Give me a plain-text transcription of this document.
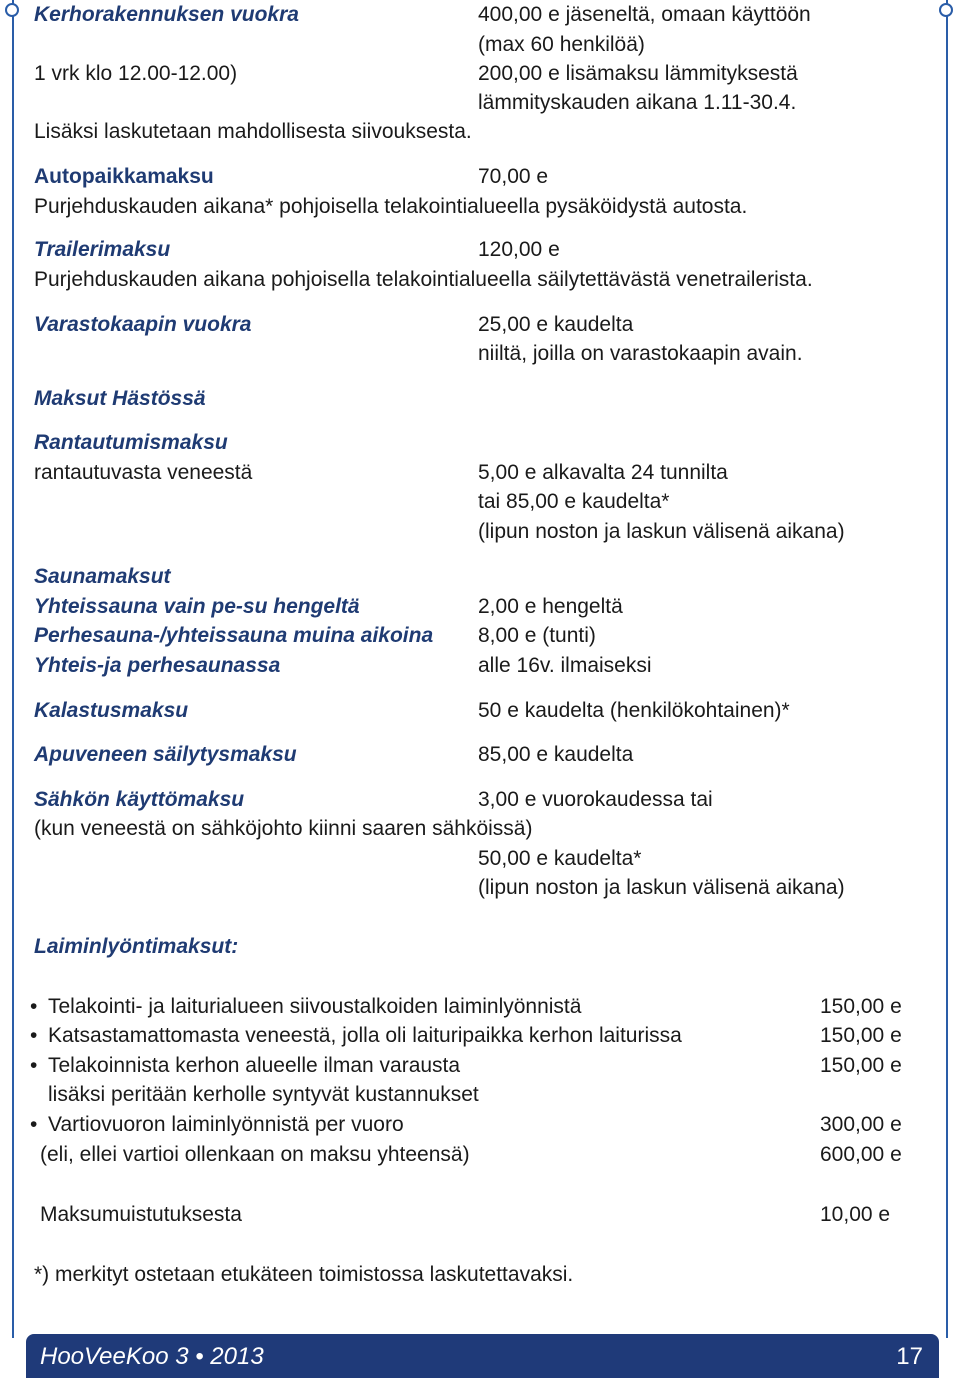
Kerhorakennuksen vuokra	400,00 e jäseneltä, omaan käyttöön
(max 60 henkilöä)
1 vrk klo 12.00-12.00)	200,00 e lisämaksu lämmityksestä
lämmityskauden aikana 1.11-30.4.
Lisäksi laskutetaan mahdollisesta siivouksesta.
Autopaikkamaksu	70,00 e
Purjehduskauden aikana* pohjoisella telakointialueella pysäköidystä autosta.
Trailerimaksu	120,00 e
Purjehduskauden aikana pohjoisella telakointialueella säilytettävästä venetrailerista.
Varastokaapin vuokra	25,00 e kaudelta
niiltä, joilla on varastokaapin avain.
Maksut Hästössä
Rantautumismaksu
rantautuvasta veneestä	5,00 e alkavalta 24 tunnilta
tai 85,00 e kaudelta*
(lipun noston ja laskun välisenä aikana)
Saunamaksut
Yhteissauna vain pe-su hengeltä	2,00 e hengeltä
Perhesauna-/yhteissauna muina aikoina 8,00 e (tunti)
Yhteis-ja perhesaunassa	alle 16v. ilmaiseksi
Kalastusmaksu	50 e kaudelta (henkilökohtainen)*
Apuveneen säilytysmaksu	85,00 e kaudelta
Sähkön käyttömaksu	3,00 e vuorokaudessa tai
(kun veneestä on sähköjohto kiinni saaren sähköissä)
50,00 e kaudelta*
(lipun noston ja laskun välisenä aikana)
Laiminlyöntimaksut:
• Telakointi- ja laiturialueen siivoustalkoiden laiminlyönnistä	150,00 e
• Katsastamattomasta veneestä, jolla oli laituripaikka kerhon laiturissa	150,00 e
• Telakoinnista kerhon alueelle ilman varausta	150,00 e
lisäksi peritään kerholle syntyvät kustannukset
• Vartiovuoron laiminlyönnistä per vuoro	300,00 e
(eli, ellei vartioi ollenkaan on maksu yhteensä)	600,00 e
Maksumuistutuksesta	10,00 e
*) merkityt ostetaan etukäteen toimistossa laskutettavaksi.
HooVeeKoo 3 • 2013	17
